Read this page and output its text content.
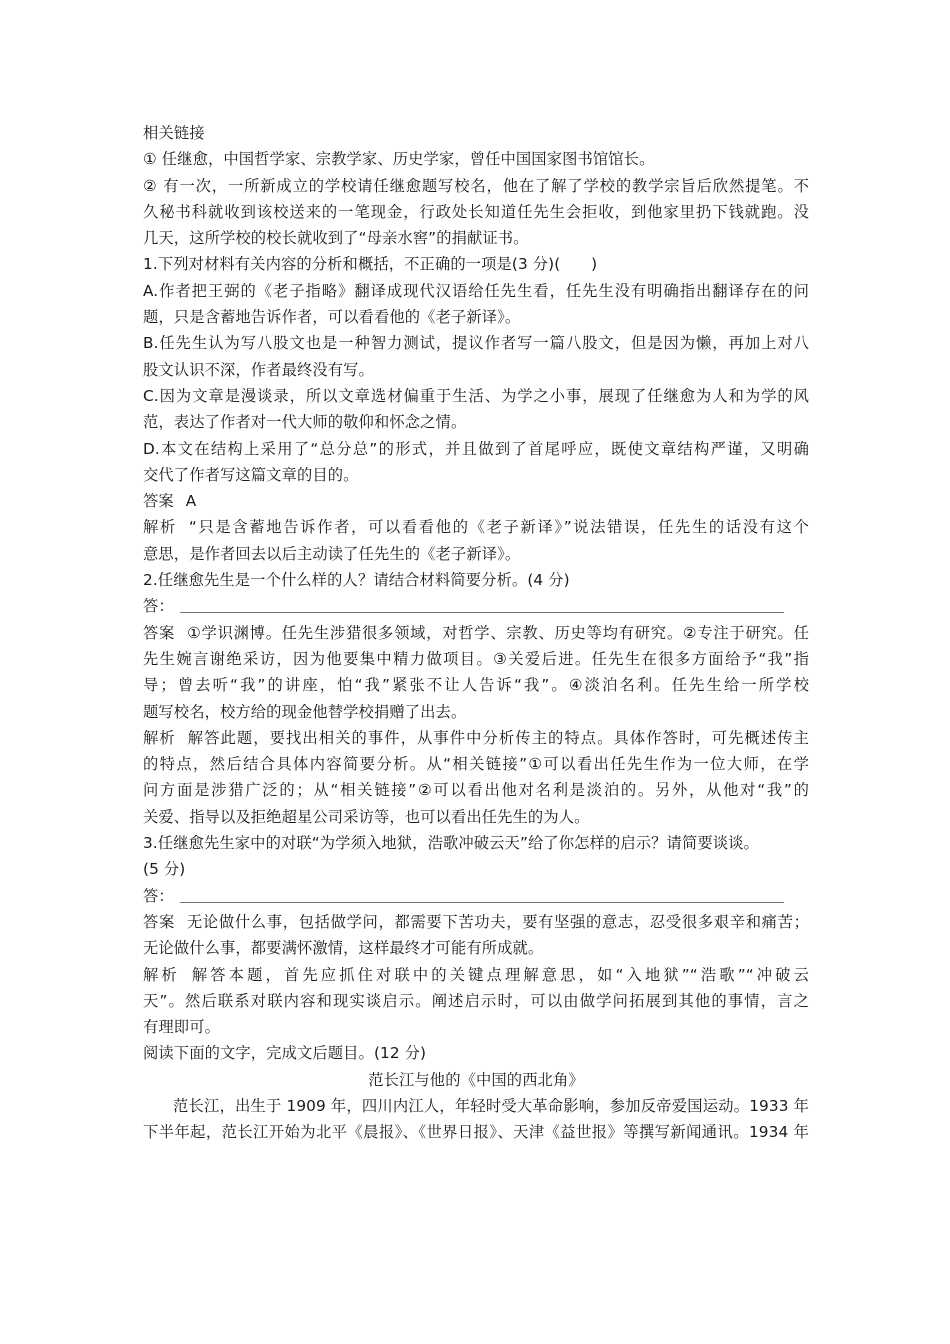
相关链接
① 任继愈，中国哲学家、宗教学家、历史学家，曾任中国国家图书馆馆长。
② 有一次，一所新成立的学校请任继愈题写校名，他在了解了学校的教学宗旨后欣然提笔。不
久秘书科就收到该校送来的一笔现金，行政处长知道任先生会拒收，到他家里扔下钱就跑。没
几天，这所学校的校长就收到了“母亲水窖”的捐献证书。
1.下列对材料有关内容的分析和概括，不正确的一项是(3 分)(　　)
A.作者把王弼的《老子指略》翻译成现代汉语给任先生看，任先生没有明确指出翻译存在的问
题，只是含蓄地告诉作者，可以看看他的《老子新译》。
B.任先生认为写八股文也是一种智力测试，提议作者写一篇八股文，但是因为懒，再加上对八
股文认识不深，作者最终没有写。
C.因为文章是漫谈录，所以文章选材偏重于生活、为学之小事，展现了任继愈为人和为学的风
范，表达了作者对一代大师的敬仰和怀念之情。
D.本文在结构上采用了“总分总”的形式，并且做到了首尾呼应，既使文章结构严谨，又明确
交代了作者写这篇文章的目的。
答案 A
解析 “只是含蓄地告诉作者，可以看看他的《老子新译》”说法错误，任先生的话没有这个
意思，是作者回去以后主动读了任先生的《老子新译》。
2.任继愈先生是一个什么样的人？请结合材料简要分析。(4 分)
答：
答案 ①学识渊博。任先生涉猎很多领域，对哲学、宗教、历史等均有研究。②专注于研究。任
先生婉言谢绝采访，因为他要集中精力做项目。③关爱后进。任先生在很多方面给予“我”指
导；曾去听“我”的讲座，怕“我”紧张不让人告诉“我”。④淡泊名利。任先生给一所学校
题写校名，校方给的现金他替学校捐赠了出去。
解析 解答此题，要找出相关的事件，从事件中分析传主的特点。具体作答时，可先概述传主
的特点，然后结合具体内容简要分析。从“相关链接”①可以看出任先生作为一位大师，在学
问方面是涉猎广泛的；从“相关链接”②可以看出他对名利是淡泊的。另外，从他对“我”的
关爱、指导以及拒绝超星公司采访等，也可以看出任先生的为人。
3.任继愈先生家中的对联“为学须入地狱，浩歌冲破云天”给了你怎样的启示？请简要谈谈。
(5 分)
答：
答案 无论做什么事，包括做学问，都需要下苦功夫，要有坚强的意志，忍受很多艰辛和痛苦；
无论做什么事，都要满怀激情，这样最终才可能有所成就。
解析 解答本题，首先应抓住对联中的关键点理解意思，如“入地狱”“浩歌”“冲破云
天”。然后联系对联内容和现实谈启示。阐述启示时，可以由做学问拓展到其他的事情，言之
有理即可。
阅读下面的文字，完成文后题目。(12 分)
范长江与他的《中国的西北角》
范长江，出生于 1909 年，四川内江人，年轻时受大革命影响，参加反帝爱国运动。1933 年
下半年起，范长江开始为北平《晨报》、《世界日报》、天津《益世报》等撰写新闻通讯。1934 年
